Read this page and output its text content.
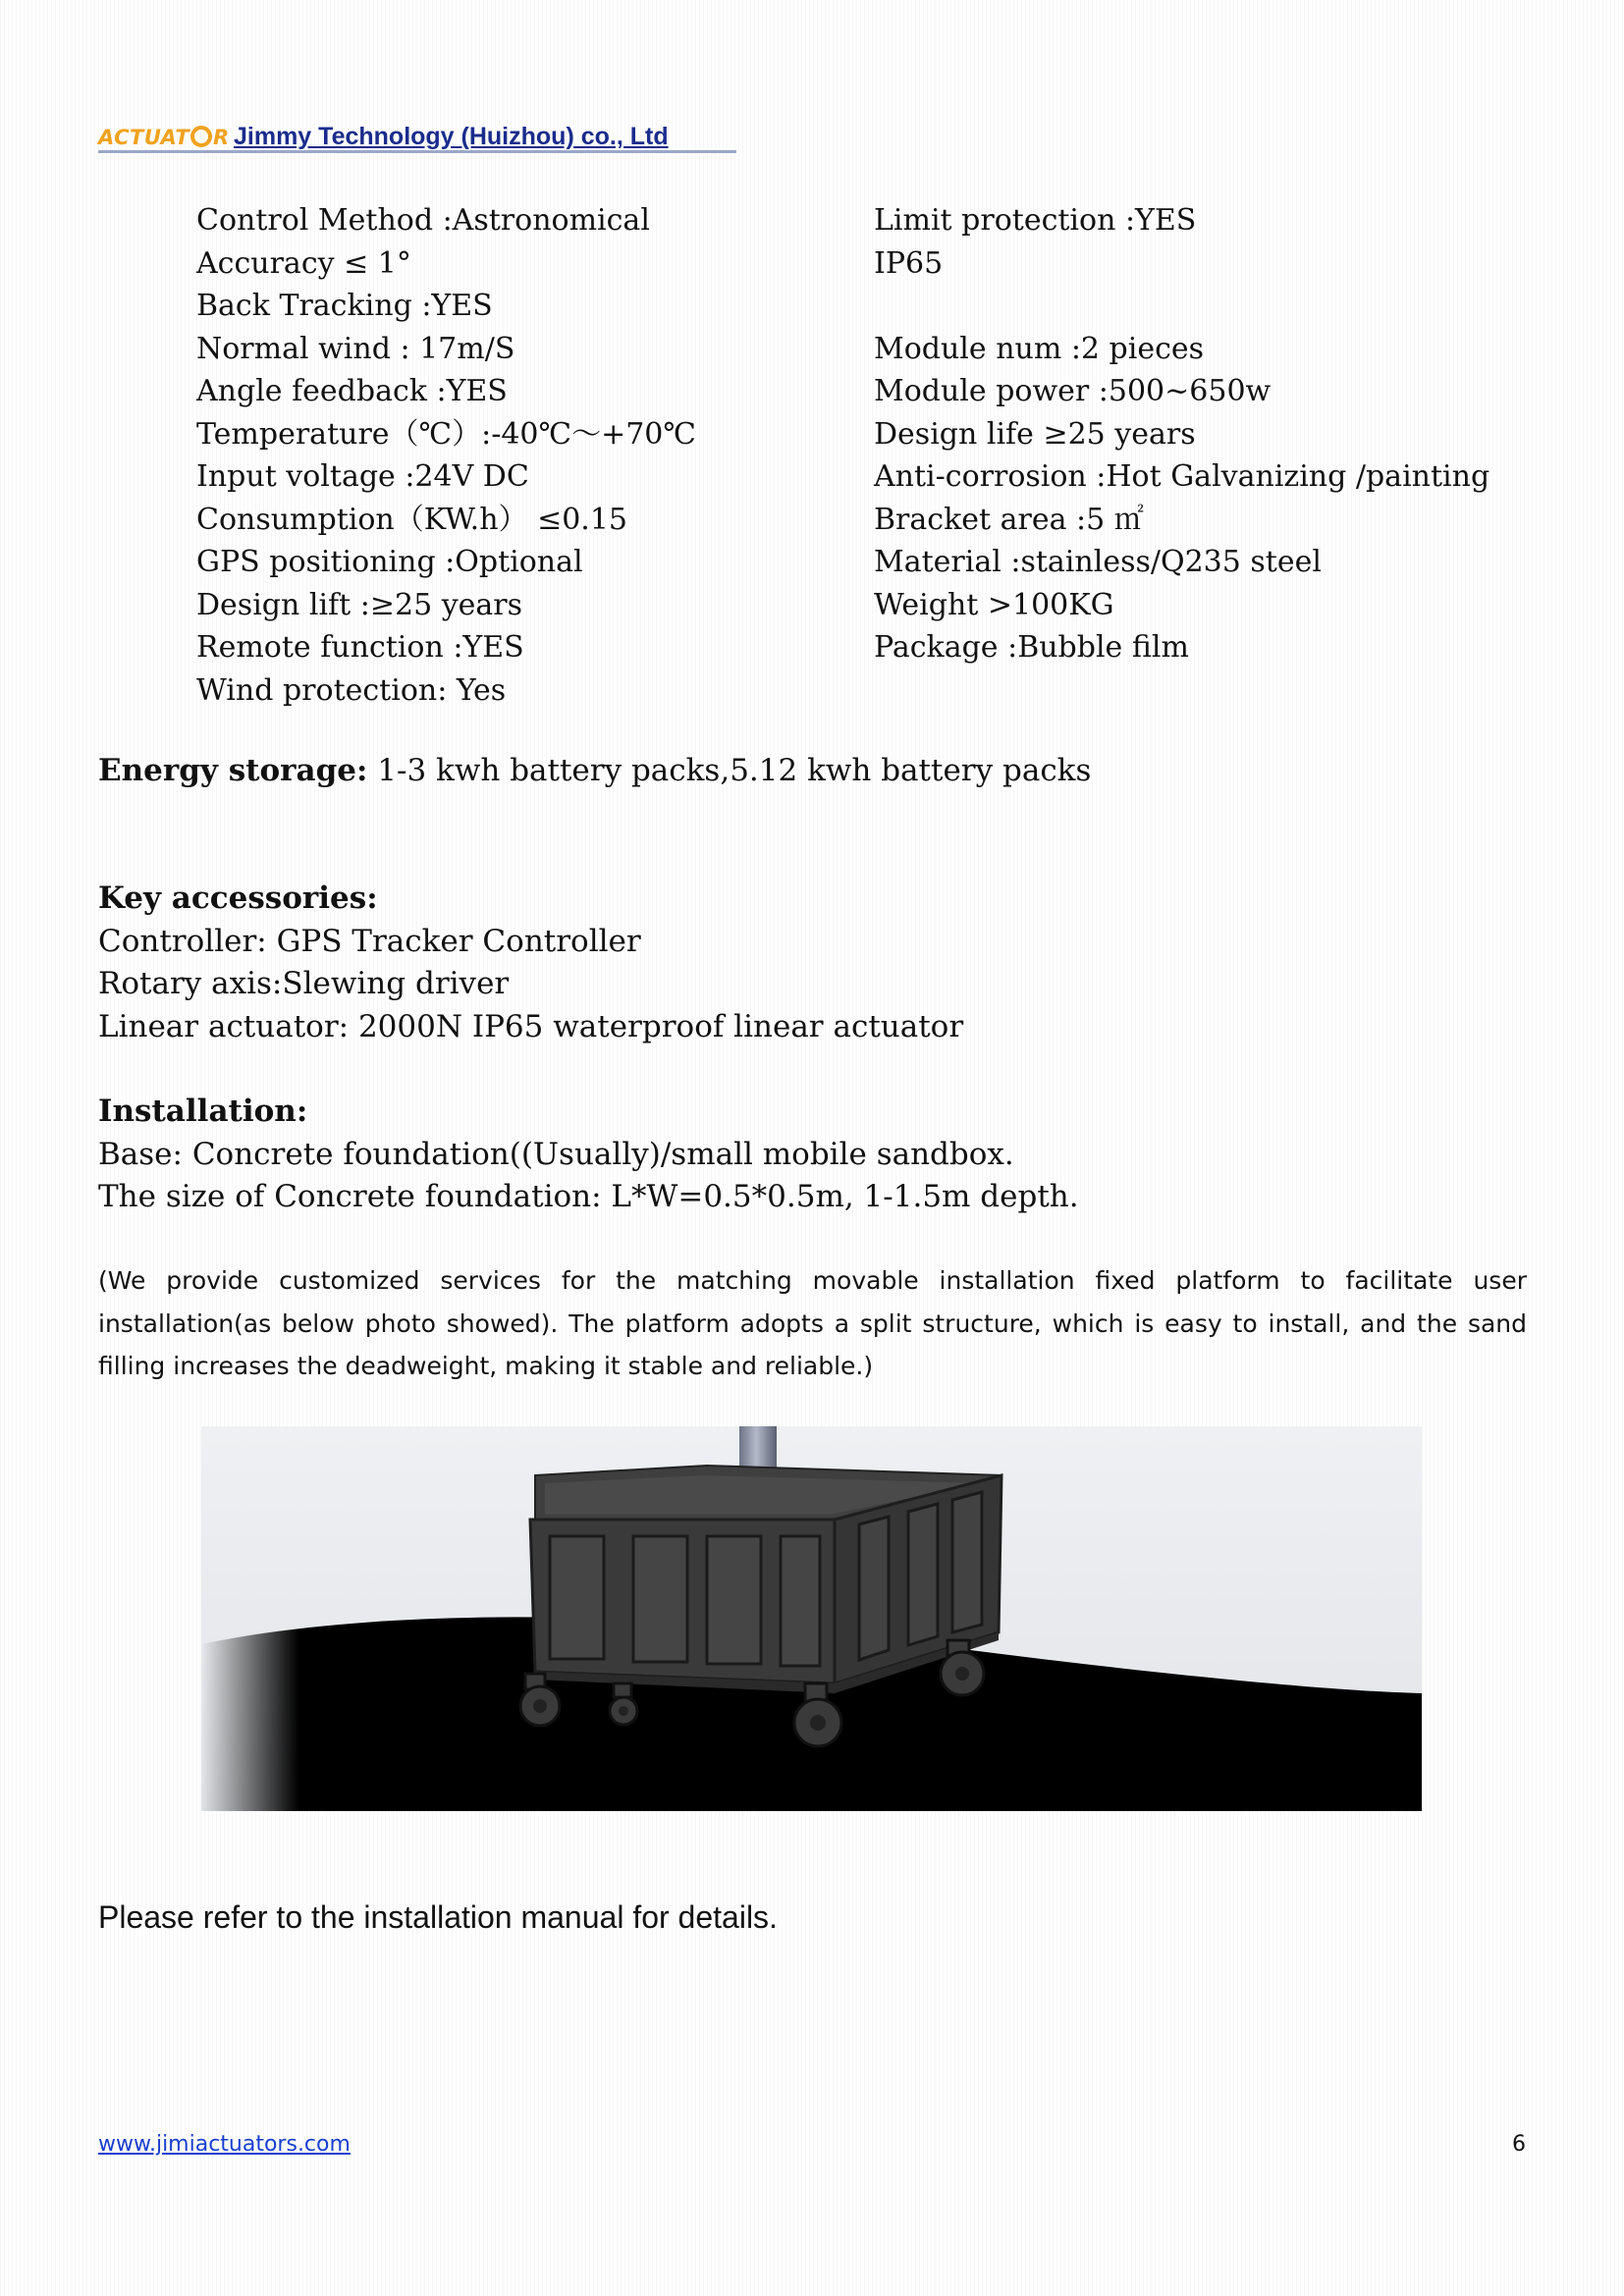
ACTUAT R Jimmy Technology (Huizhou) co., Ltd
Control Method :Astronomical
Accuracy ≤ 1°
Back Tracking :YES
Normal wind : 17m/S
Angle feedback :YES
Temperature（℃）:-40℃～+70℃
Input voltage :24V DC
Consumption（KW.h） ≤0.15
GPS positioning :Optional
Design lift :≥25 years
Remote function :YES
Wind protection: Yes
Limit protection :YES
IP65
Module num :2 pieces
Module power :500~650w
Design life ≥25 years
Anti-corrosion :Hot Galvanizing /painting
Bracket area :5 ㎡
Material :stainless/Q235 steel
Weight >100KG
Package :Bubble film
Energy storage: 1-3 kwh battery packs,5.12 kwh battery packs
Key accessories:
Controller: GPS Tracker Controller
Rotary axis:Slewing driver
Linear actuator: 2000N IP65 waterproof linear actuator
Installation:
Base: Concrete foundation((Usually)/small mobile sandbox.
The size of Concrete foundation: L*W=0.5*0.5m, 1-1.5m depth.
(We provide customized services for the matching movable installation fixed platform to facilitate user installation(as below photo showed). The platform adopts a split structure, which is easy to install, and the sand filling increases the deadweight, making it stable and reliable.)
Please refer to the installation manual for details.
www.jimiactuators.com	6
